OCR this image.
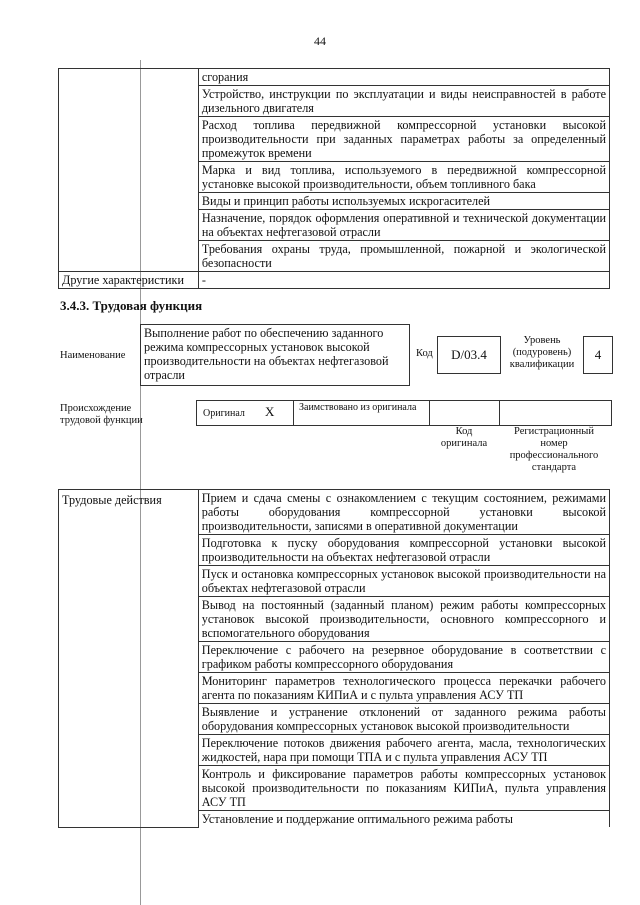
44
	сгорания
	Устройство, инструкции по эксплуатации и виды неисправностей в работе дизельного двигателя
	Расход топлива передвижной компрессорной установки высокой производительности при заданных параметрах работы за определенный промежуток времени
	Марка и вид топлива, используемого в передвижной компрессорной установке высокой производительности, объем топливного бака
	Виды и принцип работы используемых искрогасителей
	Назначение, порядок оформления оперативной и технической документации на объектах нефтегазовой отрасли
	Требования охраны труда, промышленной, пожарной и экологической безопасности
Другие характеристики	-
3.4.3. Трудовая функция
Наименование
Выполнение работ по обеспечению заданного режима компрессорных установок высокой производительности на объектах нефтегазовой отрасли
Код	D/03.4
Уровень (подуровень) квалификации
4
Происхождение трудовой функции
Оригинал X Заимствовано из оригинала
Код оригинала
Регистрационный номер профессионального стандарта
Трудовые действия	Прием и сдача смены с ознакомлением с текущим состоянием, режимами работы оборудования компрессорной установки высокой производительности, записями в оперативной документации
Подготовка к пуску оборудования компрессорной установки высокой производительности на объектах нефтегазовой отрасли
Пуск и остановка компрессорных установок высокой производительности на объектах нефтегазовой отрасли
Вывод на постоянный (заданный планом) режим работы компрессорных установок высокой производительности, основного компрессорного и вспомогательного оборудования
Переключение с рабочего на резервное оборудование в соответствии с графиком работы компрессорного оборудования
Мониторинг параметров технологического процесса перекачки рабочего агента по показаниям КИПиА и с пульта управления АСУ ТП
Выявление и устранение отклонений от заданного режима работы оборудования компрессорных установок высокой производительности
Переключение потоков движения рабочего агента, масла, технологических жидкостей, нара при помощи ТПА и с пульта управления АСУ ТП
Контроль и фиксирование параметров работы компрессорных установок высокой производительности по показаниям КИПиА, пульта управления АСУ ТП
Установление и поддержание оптимального режима работы
